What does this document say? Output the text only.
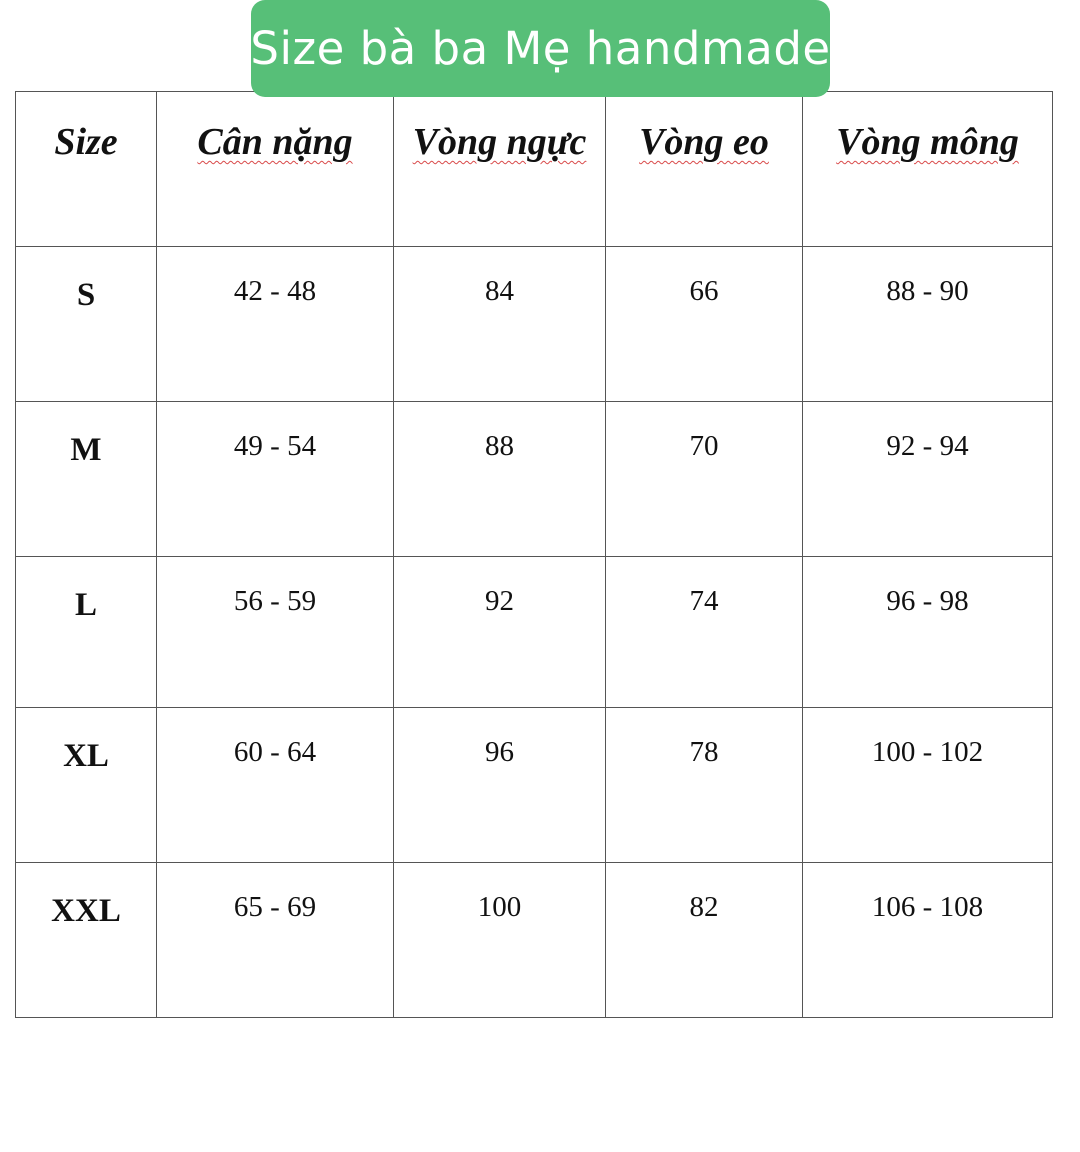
Size bà ba Mẹ handmade
Size	Cân nặng	Vòng ngực	Vòng eo	Vòng mông
S	42 - 48	84	66	88 - 90
M	49 - 54	88	70	92 - 94
L	56 - 59	92	74	96 - 98
XL	60 - 64	96	78	100 - 102
XXL	65 - 69	100	82	106 - 108
